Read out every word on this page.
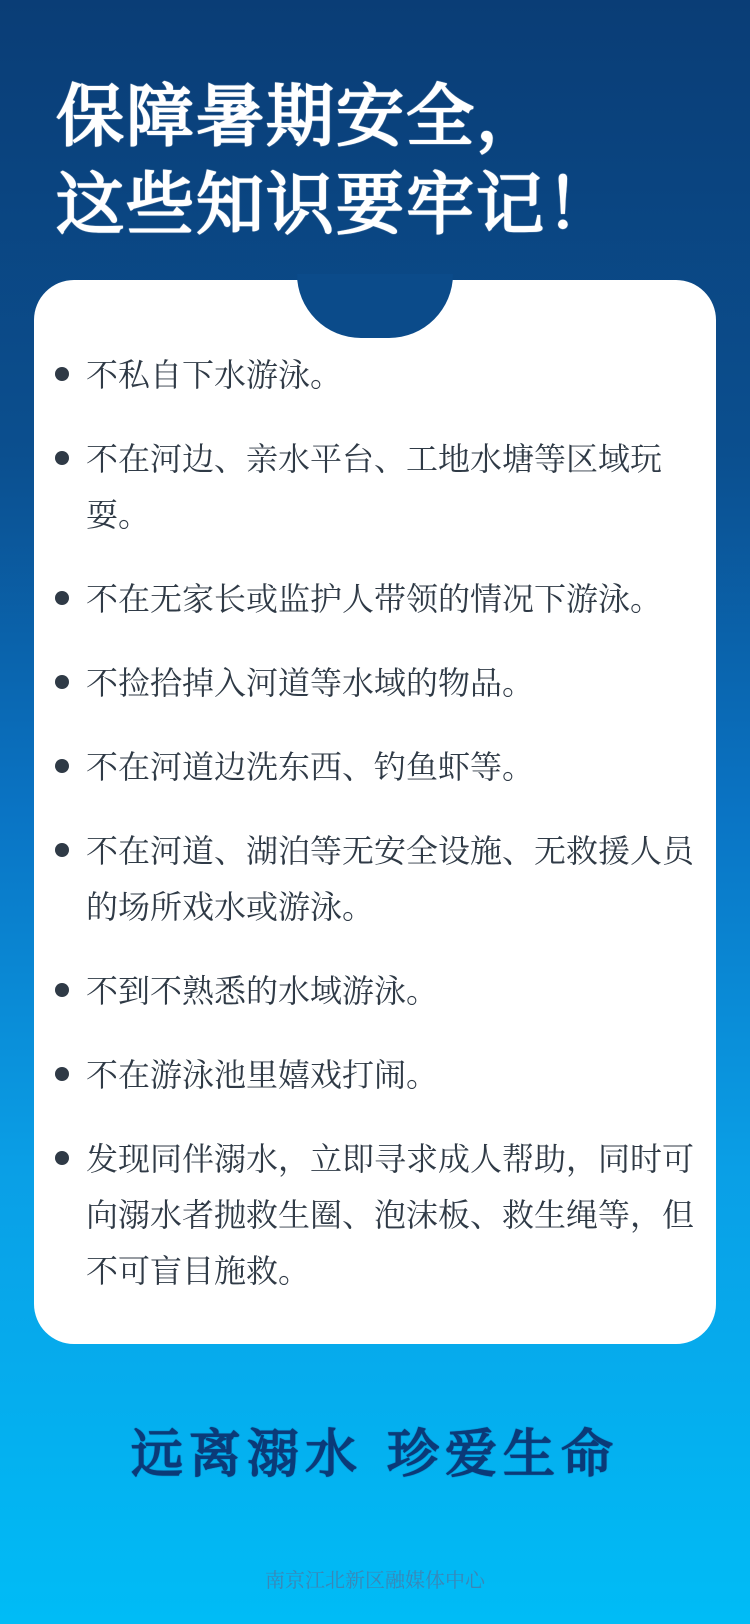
保障暑期安全，
这些知识要牢记！
不私自下水游泳。
不在河边、亲水平台、工地水塘等区域玩耍。
不在无家长或监护人带领的情况下游泳。
不捡拾掉入河道等水域的物品。
不在河道边洗东西、钓鱼虾等。
不在河道、湖泊等无安全设施、无救援人员的场所戏水或游泳。
不到不熟悉的水域游泳。
不在游泳池里嬉戏打闹。
发现同伴溺水，立即寻求成人帮助，同时可向溺水者抛救生圈、泡沫板、救生绳等，但不可盲目施救。
远离溺水 珍爱生命
南京江北新区融媒体中心
